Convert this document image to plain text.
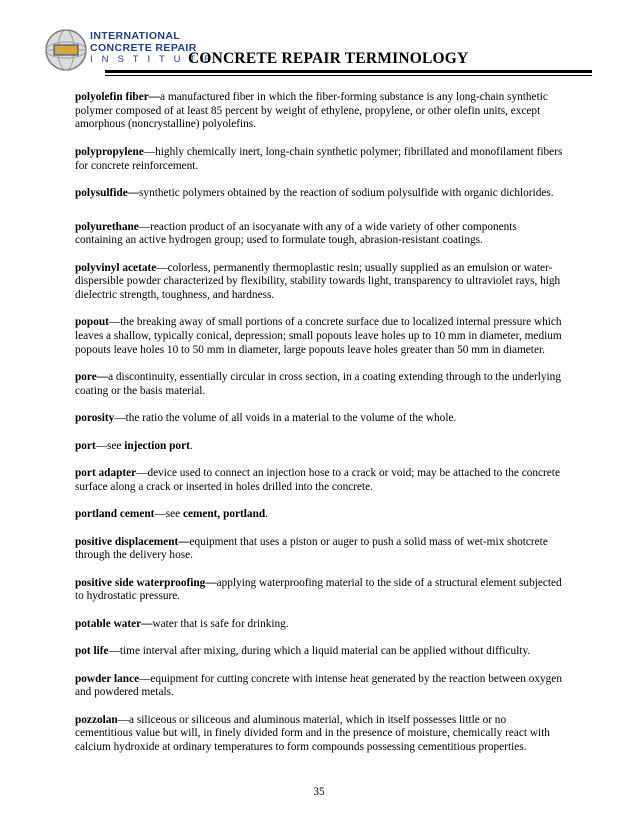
INTERNATIONAL
CONCRETE REPAIR
I N S T I T U T E
CONCRETE REPAIR TERMINOLOGY

polyolefin fiber—a manufactured fiber in which the fiber-forming substance is any long-chain synthetic polymer composed of at least 85 percent by weight of ethylene, propylene, or other olefin units, except amorphous (noncrystalline) polyolefins.

polypropylene—highly chemically inert, long-chain synthetic polymer; fibrillated and monofilament fibers for concrete reinforcement.

polysulfide—synthetic polymers obtained by the reaction of sodium polysulfide with organic dichlorides.

polyurethane—reaction product of an isocyanate with any of a wide variety of other components containing an active hydrogen group; used to formulate tough, abrasion-resistant coatings.

polyvinyl acetate—colorless, permanently thermoplastic resin; usually supplied as an emulsion or water-dispersible powder characterized by flexibility, stability towards light, transparency to ultraviolet rays, high dielectric strength, toughness, and hardness.

popout—the breaking away of small portions of a concrete surface due to localized internal pressure which leaves a shallow, typically conical, depression; small popouts leave holes up to 10 mm in diameter, medium popouts leave holes 10 to 50 mm in diameter, large popouts leave holes greater than 50 mm in diameter.

pore—a discontinuity, essentially circular in cross section, in a coating extending through to the underlying coating or the basis material.

porosity—the ratio the volume of all voids in a material to the volume of the whole.

port—see injection port.

port adapter—device used to connect an injection hose to a crack or void; may be attached to the concrete surface along a crack or inserted in holes drilled into the concrete.

portland cement—see cement, portland.

positive displacement—equipment that uses a piston or auger to push a solid mass of wet-mix shotcrete through the delivery hose.

positive side waterproofing—applying waterproofing material to the side of a structural element subjected to hydrostatic pressure.

potable water—water that is safe for drinking.

pot life—time interval after mixing, during which a liquid material can be applied without difficulty.

powder lance—equipment for cutting concrete with intense heat generated by the reaction between oxygen and powdered metals.

pozzolan—a siliceous or siliceous and aluminous material, which in itself possesses little or no cementitious value but will, in finely divided form and in the presence of moisture, chemically react with calcium hydroxide at ordinary temperatures to form compounds possessing cementitious properties.

35
